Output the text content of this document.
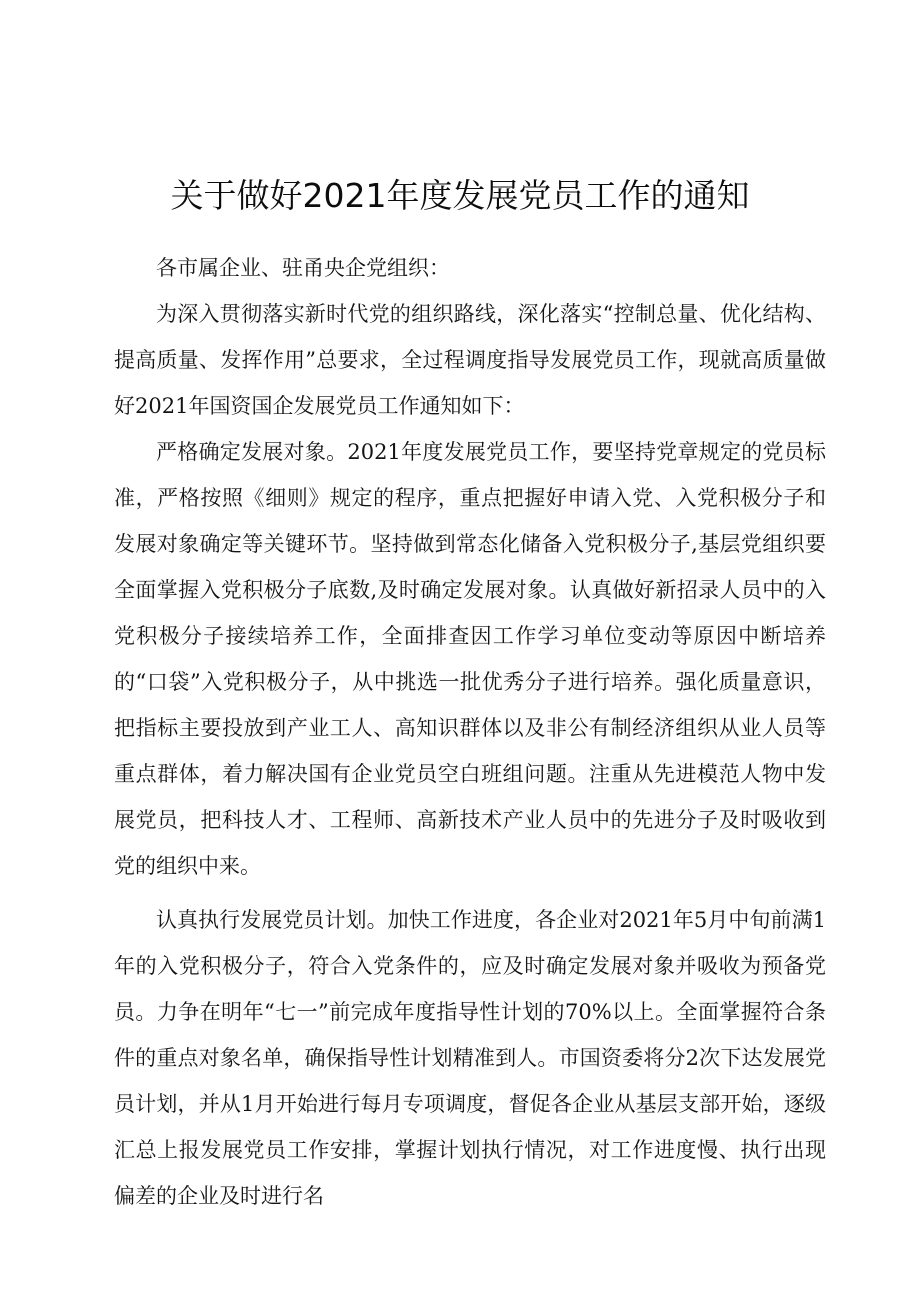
关于做好2021年度发展党员工作的通知

各市属企业、驻甬央企党组织：

为深入贯彻落实新时代党的组织路线，深化落实“控制总量、优化结构、提高质量、发挥作用”总要求，全过程调度指导发展党员工作，现就高质量做好2021年国资国企发展党员工作通知如下：

严格确定发展对象。2021年度发展党员工作，要坚持党章规定的党员标准，严格按照《细则》规定的程序，重点把握好申请入党、入党积极分子和发展对象确定等关键环节。坚持做到常态化储备入党积极分子,基层党组织要全面掌握入党积极分子底数,及时确定发展对象。认真做好新招录人员中的入党积极分子接续培养工作，全面排查因工作学习单位变动等原因中断培养的“口袋”入党积极分子，从中挑选一批优秀分子进行培养。强化质量意识，把指标主要投放到产业工人、高知识群体以及非公有制经济组织从业人员等重点群体，着力解决国有企业党员空白班组问题。注重从先进模范人物中发展党员，把科技人才、工程师、高新技术产业人员中的先进分子及时吸收到党的组织中来。

认真执行发展党员计划。加快工作进度，各企业对2021年5月中旬前满1年的入党积极分子，符合入党条件的，应及时确定发展对象并吸收为预备党员。力争在明年“七一”前完成年度指导性计划的70%以上。全面掌握符合条件的重点对象名单，确保指导性计划精准到人。市国资委将分2次下达发展党员计划，并从1月开始进行每月专项调度，督促各企业从基层支部开始，逐级汇总上报发展党员工作安排，掌握计划执行情况，对工作进度慢、执行出现偏差的企业及时进行名
